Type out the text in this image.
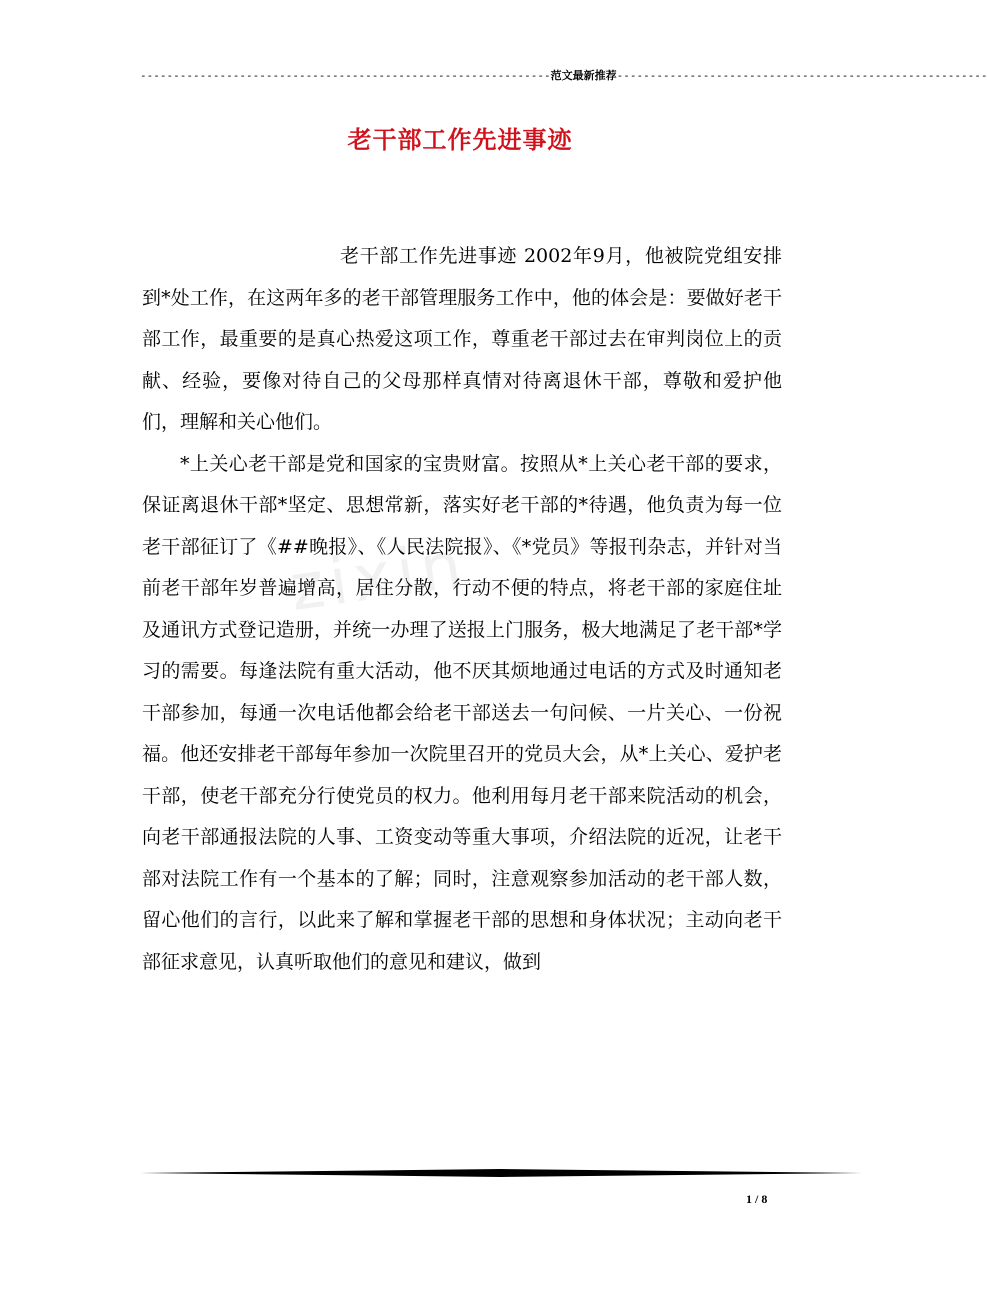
--------------------------------------------------------------范文最新推荐--------------------------------------------------------
老干部工作先进事迹
zixin

老干部工作先进事迹 2002年9月，他被院党组安排到*处工作，在这两年多的老干部管理服务工作中，他的体会是：要做好老干部工作，最重要的是真心热爱这项工作，尊重老干部过去在审判岗位上的贡献、经验，要像对待自己的父母那样真情对待离退休干部，尊敬和爱护他们，理解和关心他们。

*上关心老干部是党和国家的宝贵财富。按照从*上关心老干部的要求，保证离退休干部*坚定、思想常新，落实好老干部的*待遇，他负责为每一位老干部征订了《##晚报》、《人民法院报》、《*党员》等报刊杂志，并针对当前老干部年岁普遍增高，居住分散，行动不便的特点，将老干部的家庭住址及通讯方式登记造册，并统一办理了送报上门服务，极大地满足了老干部*学习的需要。每逢法院有重大活动，他不厌其烦地通过电话的方式及时通知老干部参加，每通一次电话他都会给老干部送去一句问候、一片关心、一份祝福。他还安排老干部每年参加一次院里召开的党员大会，从*上关心、爱护老干部，使老干部充分行使党员的权力。他利用每月老干部来院活动的机会，向老干部通报法院的人事、工资变动等重大事项，介绍法院的近况，让老干部对法院工作有一个基本的了解；同时，注意观察参加活动的老干部人数，留心他们的言行，以此来了解和掌握老干部的思想和身体状况；主动向老干部征求意见，认真听取他们的意见和建议，做到

1 / 8
